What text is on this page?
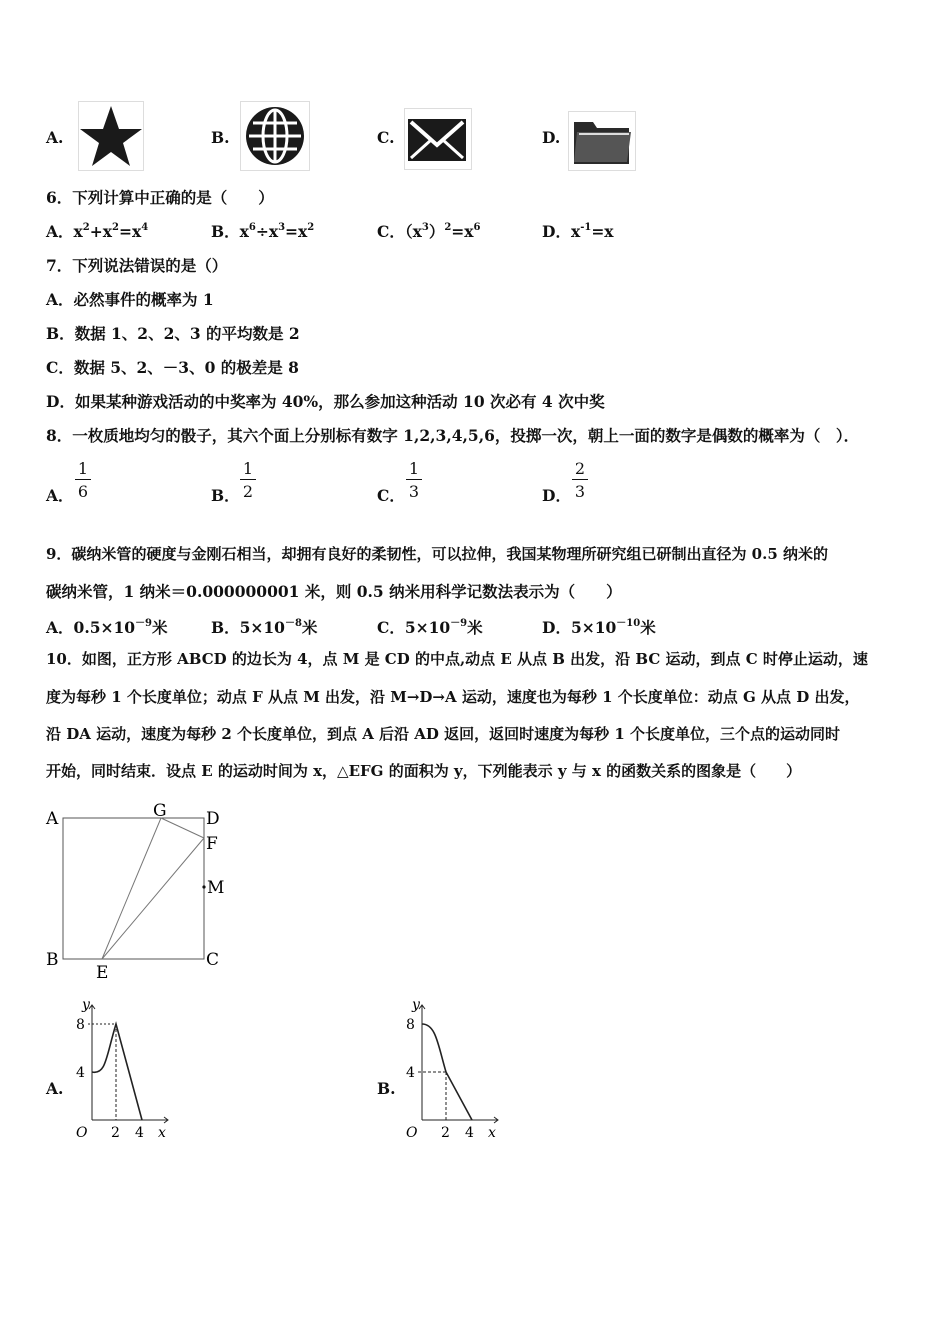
A.	B.	C.	D.
6．下列计算中正确的是（　　）
A．$x^2+x^2=x^4$	B．$x^6\div x^3=x^2$	C．$(x^3)^2=x^6$	D．$x^{-1}=x$
7．下列说法错误的是（）
A．必然事件的概率为 1
B．数据 1、2、2、3 的平均数是 2
C．数据 5、2、－3、0 的极差是 8
D．如果某种游戏活动的中奖率为 40%，那么参加这种活动 10 次必有 4 次中奖
8．一枚质地均匀的骰子，其六个面上分别标有数字 1,2,3,4,5,6，投掷一次，朝上一面的数字是偶数的概率为（　）．
A． $\frac{1}{6}$	B． $\frac{1}{2}$	C． $\frac{1}{3}$	D． $\frac{2}{3}$
9．碳纳米管的硬度与金刚石相当，却拥有良好的柔韧性，可以拉伸，我国某物理所研究组已研制出直径为 0.5 纳米的
碳纳米管，1 纳米＝0.000000001 米，则 0.5 纳米用科学记数法表示为（　　）
A．$0.5\times 10^{-9}$米	B．$5\times 10^{-8}$米	C．$5\times 10^{-9}$米	D．$5\times 10^{-10}$米
10．如图，正方形 ABCD 的边长为 4，点 M 是 CD 的中点,动点 E 从点 B 出发，沿 BC 运动，到点 C 时停止运动，速
度为每秒 1 个长度单位；动点 F 从点 M 出发，沿 M→D→A 运动，速度也为每秒 1 个长度单位：动点 G 从点 D 出发，
沿 DA 运动，速度为每秒 2 个长度单位，到点 A 后沿 AD 返回，返回时速度为每秒 1 个长度单位，三个点的运动同时
开始，同时结束．设点 E 的运动时间为 x，△EFG 的面积为 y，下列能表示 y 与 x 的函数关系的图象是（　　）
A	G D
F
M
B
E
C
A.
8
4
y
O 2 4 x
B.
8
4
y
O 2 4 x
